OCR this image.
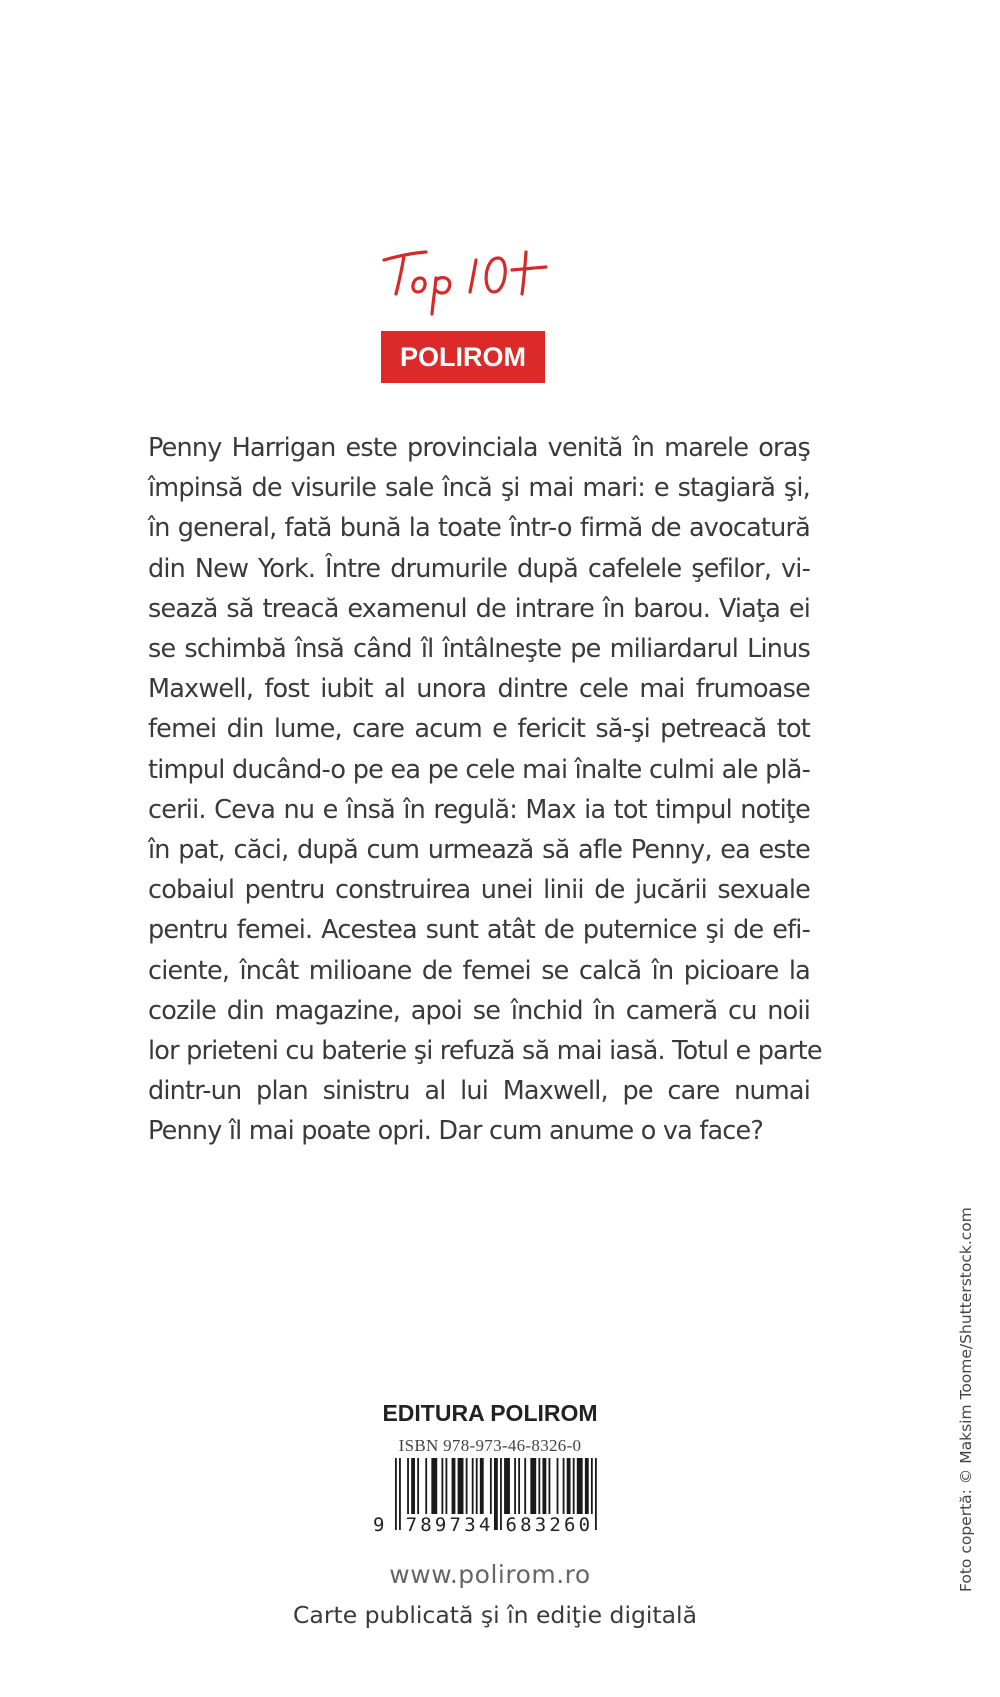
POLIROM
Penny Harrigan este provinciala venită în marele oraş
împinsă de visurile sale încă şi mai mari: e stagiară şi,
în general, fată bună la toate într-o firmă de avocatură
din New York. Între drumurile după cafelele şefilor, vi-
sează să treacă examenul de intrare în barou. Viaţa ei
se schimbă însă când îl întâlneşte pe miliardarul Linus
Maxwell, fost iubit al unora dintre cele mai frumoase
femei din lume, care acum e fericit să-şi petreacă tot
timpul ducând-o pe ea pe cele mai înalte culmi ale plă-
cerii. Ceva nu e însă în regulă: Max ia tot timpul notiţe
în pat, căci, după cum urmează să afle Penny, ea este
cobaiul pentru construirea unei linii de jucării sexuale
pentru femei. Acestea sunt atât de puternice şi de efi-
ciente, încât milioane de femei se calcă în picioare la
cozile din magazine, apoi se închid în cameră cu noii
lor prieteni cu baterie şi refuză să mai iasă. Totul e parte
dintr-un plan sinistru al lui Maxwell, pe care numai
Penny îl mai poate opri. Dar cum anume o va face?
EDITURA POLIROM
ISBN 978-973-46-8326-0
9 789734 683260
www.polirom.ro
Carte publicată şi în ediţie digitală
Foto copertă: © Maksim Toome/Shutterstock.com
